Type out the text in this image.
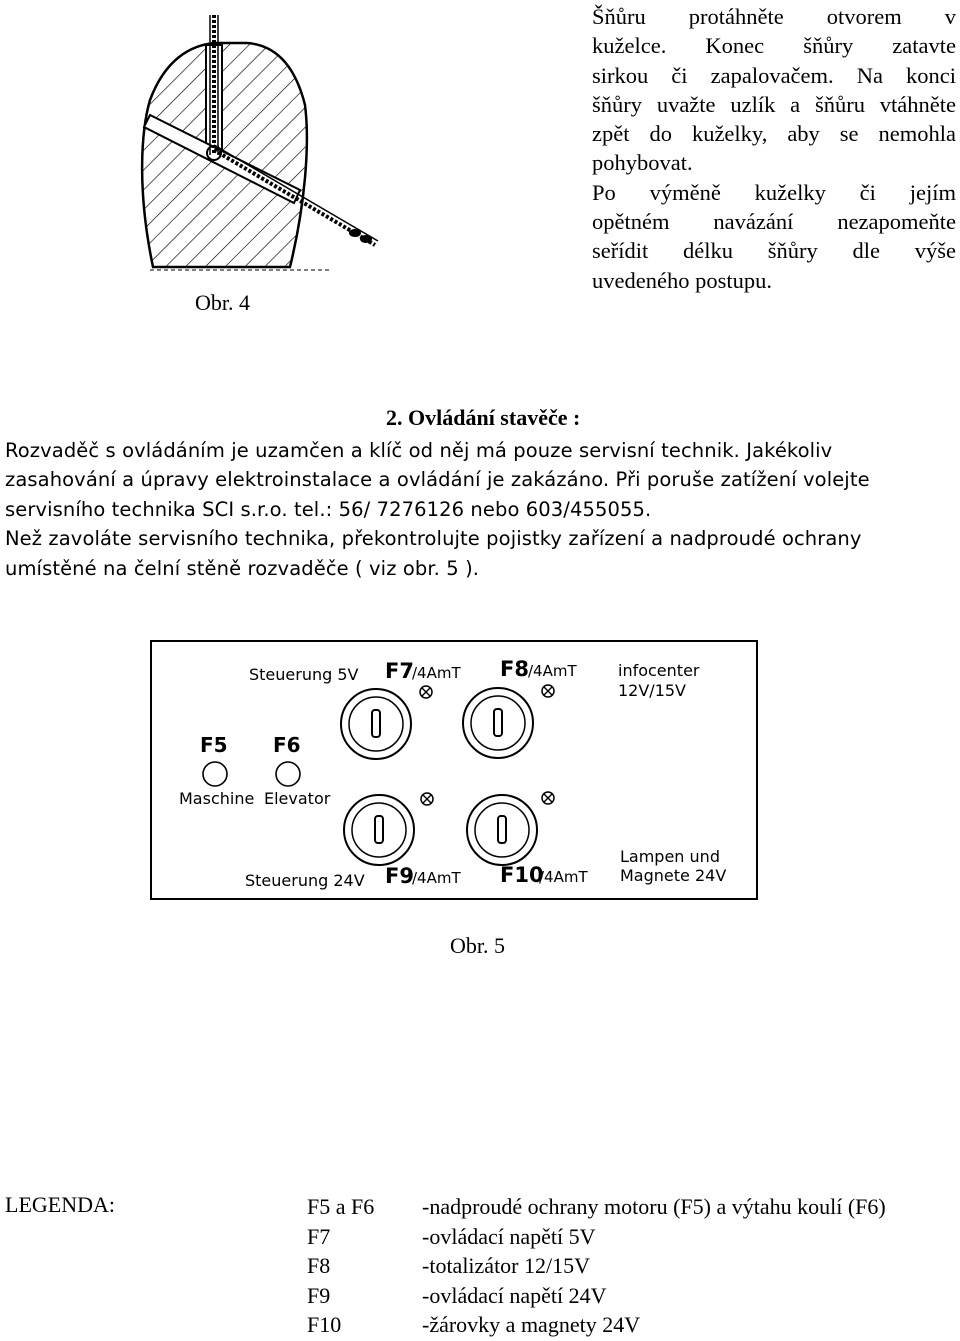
Obr. 4
Šňůru protáhněte otvorem v
kuželce. Konec šňůry zatavte
sirkou či zapalovačem. Na konci
šňůry uvažte uzlík a šňůru vtáhněte
zpět do kuželky, aby se nemohla
pohybovat.
Po výměně kuželky či jejím
opětném navázání nezapomeňte
seřídit délku šňůry dle výše
uvedeného postupu.
2. Ovládání stavěče :
Rozvaděč s ovládáním je uzamčen a klíč od něj má pouze servisní technik. Jakékoliv
zasahování a úpravy elektroinstalace a ovládání je zakázáno. Při poruše zatížení volejte
servisního technika SCI s.r.o. tel.: 56/ 7276126 nebo 603/455055.
Než zavoláte servisního technika, překontrolujte pojistky zařízení a nadproudé ochrany
umístěné na čelní stěně rozvaděče ( viz obr. 5 ).
Steuerung 5V F7
/4AmT F8 /4AmT	infocenter
12V/15V
F5 F6
Maschine Elevator
Steuerung 24V F9
/4AmT F10
/4AmT
Lampen und
Magnete 24V
Obr. 5
LEGENDA:	F5 a F6
F7
F8
F9
F10
-nadproudé ochrany motoru (F5) a výtahu koulí (F6)
-ovládací napětí 5V
-totalizátor 12/15V
-ovládací napětí 24V
-žárovky a magnety 24V
